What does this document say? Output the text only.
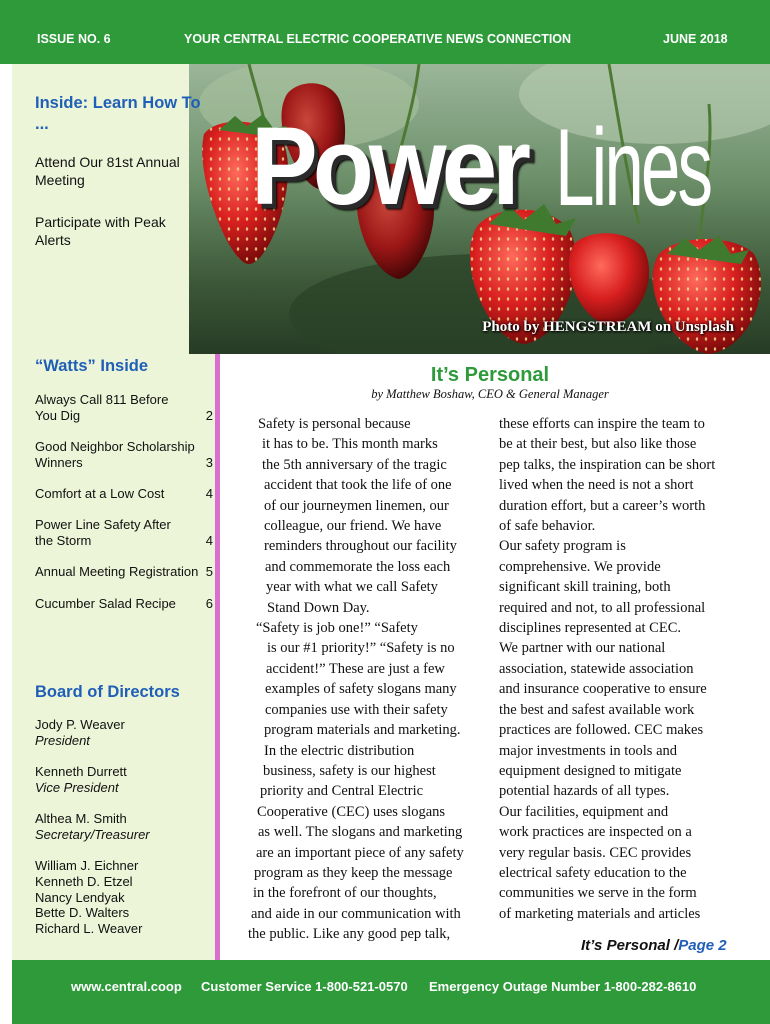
ISSUE NO. 6	YOUR CENTRAL ELECTRIC COOPERATIVE NEWS CONNECTION	JUNE 2018
Power Lines
Photo by HENGSTREAM on Unsplash
Inside: Learn How To ...
Attend Our 81st Annual Meeting
Participate with Peak Alerts
“Watts” Inside
Always Call 811 Before You Dig	2
Good Neighbor Scholarship Winners	3
Comfort at a Low Cost	4
Power Line Safety After the Storm	4
Annual Meeting Registration 5
Cucumber Salad Recipe	6
Board of Directors
Jody P. Weaver
President
Kenneth Durrett
Vice President
Althea M. Smith
Secretary/Treasurer
William J. Eichner
Kenneth D. Etzel
Nancy Lendyak
Bette D. Walters
Richard L. Weaver
It’s Personal
by Matthew Boshaw, CEO & General Manager
Safety is personal because
it has to be. This month marks
the 5th anniversary of the tragic
accident that took the life of one
of our journeymen linemen, our
colleague, our friend. We have
reminders throughout our facility
and commemorate the loss each
year with what we call Safety
Stand Down Day.
“Safety is job one!” “Safety
is our #1 priority!” “Safety is no
accident!” These are just a few
examples of safety slogans many
companies use with their safety
program materials and marketing.
In the electric distribution
business, safety is our highest
priority and Central Electric
Cooperative (CEC) uses slogans
as well. The slogans and marketing
are an important piece of any safety
program as they keep the message
in the forefront of our thoughts,
and aide in our communication with
the public. Like any good pep talk,
these efforts can inspire the team to
be at their best, but also like those
pep talks, the inspiration can be short
lived when the need is not a short
duration effort, but a career’s worth
of safe behavior.
Our safety program is
comprehensive. We provide
significant skill training, both
required and not, to all professional
disciplines represented at CEC.
We partner with our national
association, statewide association
and insurance cooperative to ensure
the best and safest available work
practices are followed. CEC makes
major investments in tools and
equipment designed to mitigate
potential hazards of all types.
Our facilities, equipment and
work practices are inspected on a
very regular basis. CEC provides
electrical safety education to the
communities we serve in the form
of marketing materials and articles
It’s Personal /Page 2
www.central.coop Customer Service 1-800-521-0570 Emergency Outage Number 1-800-282-8610
